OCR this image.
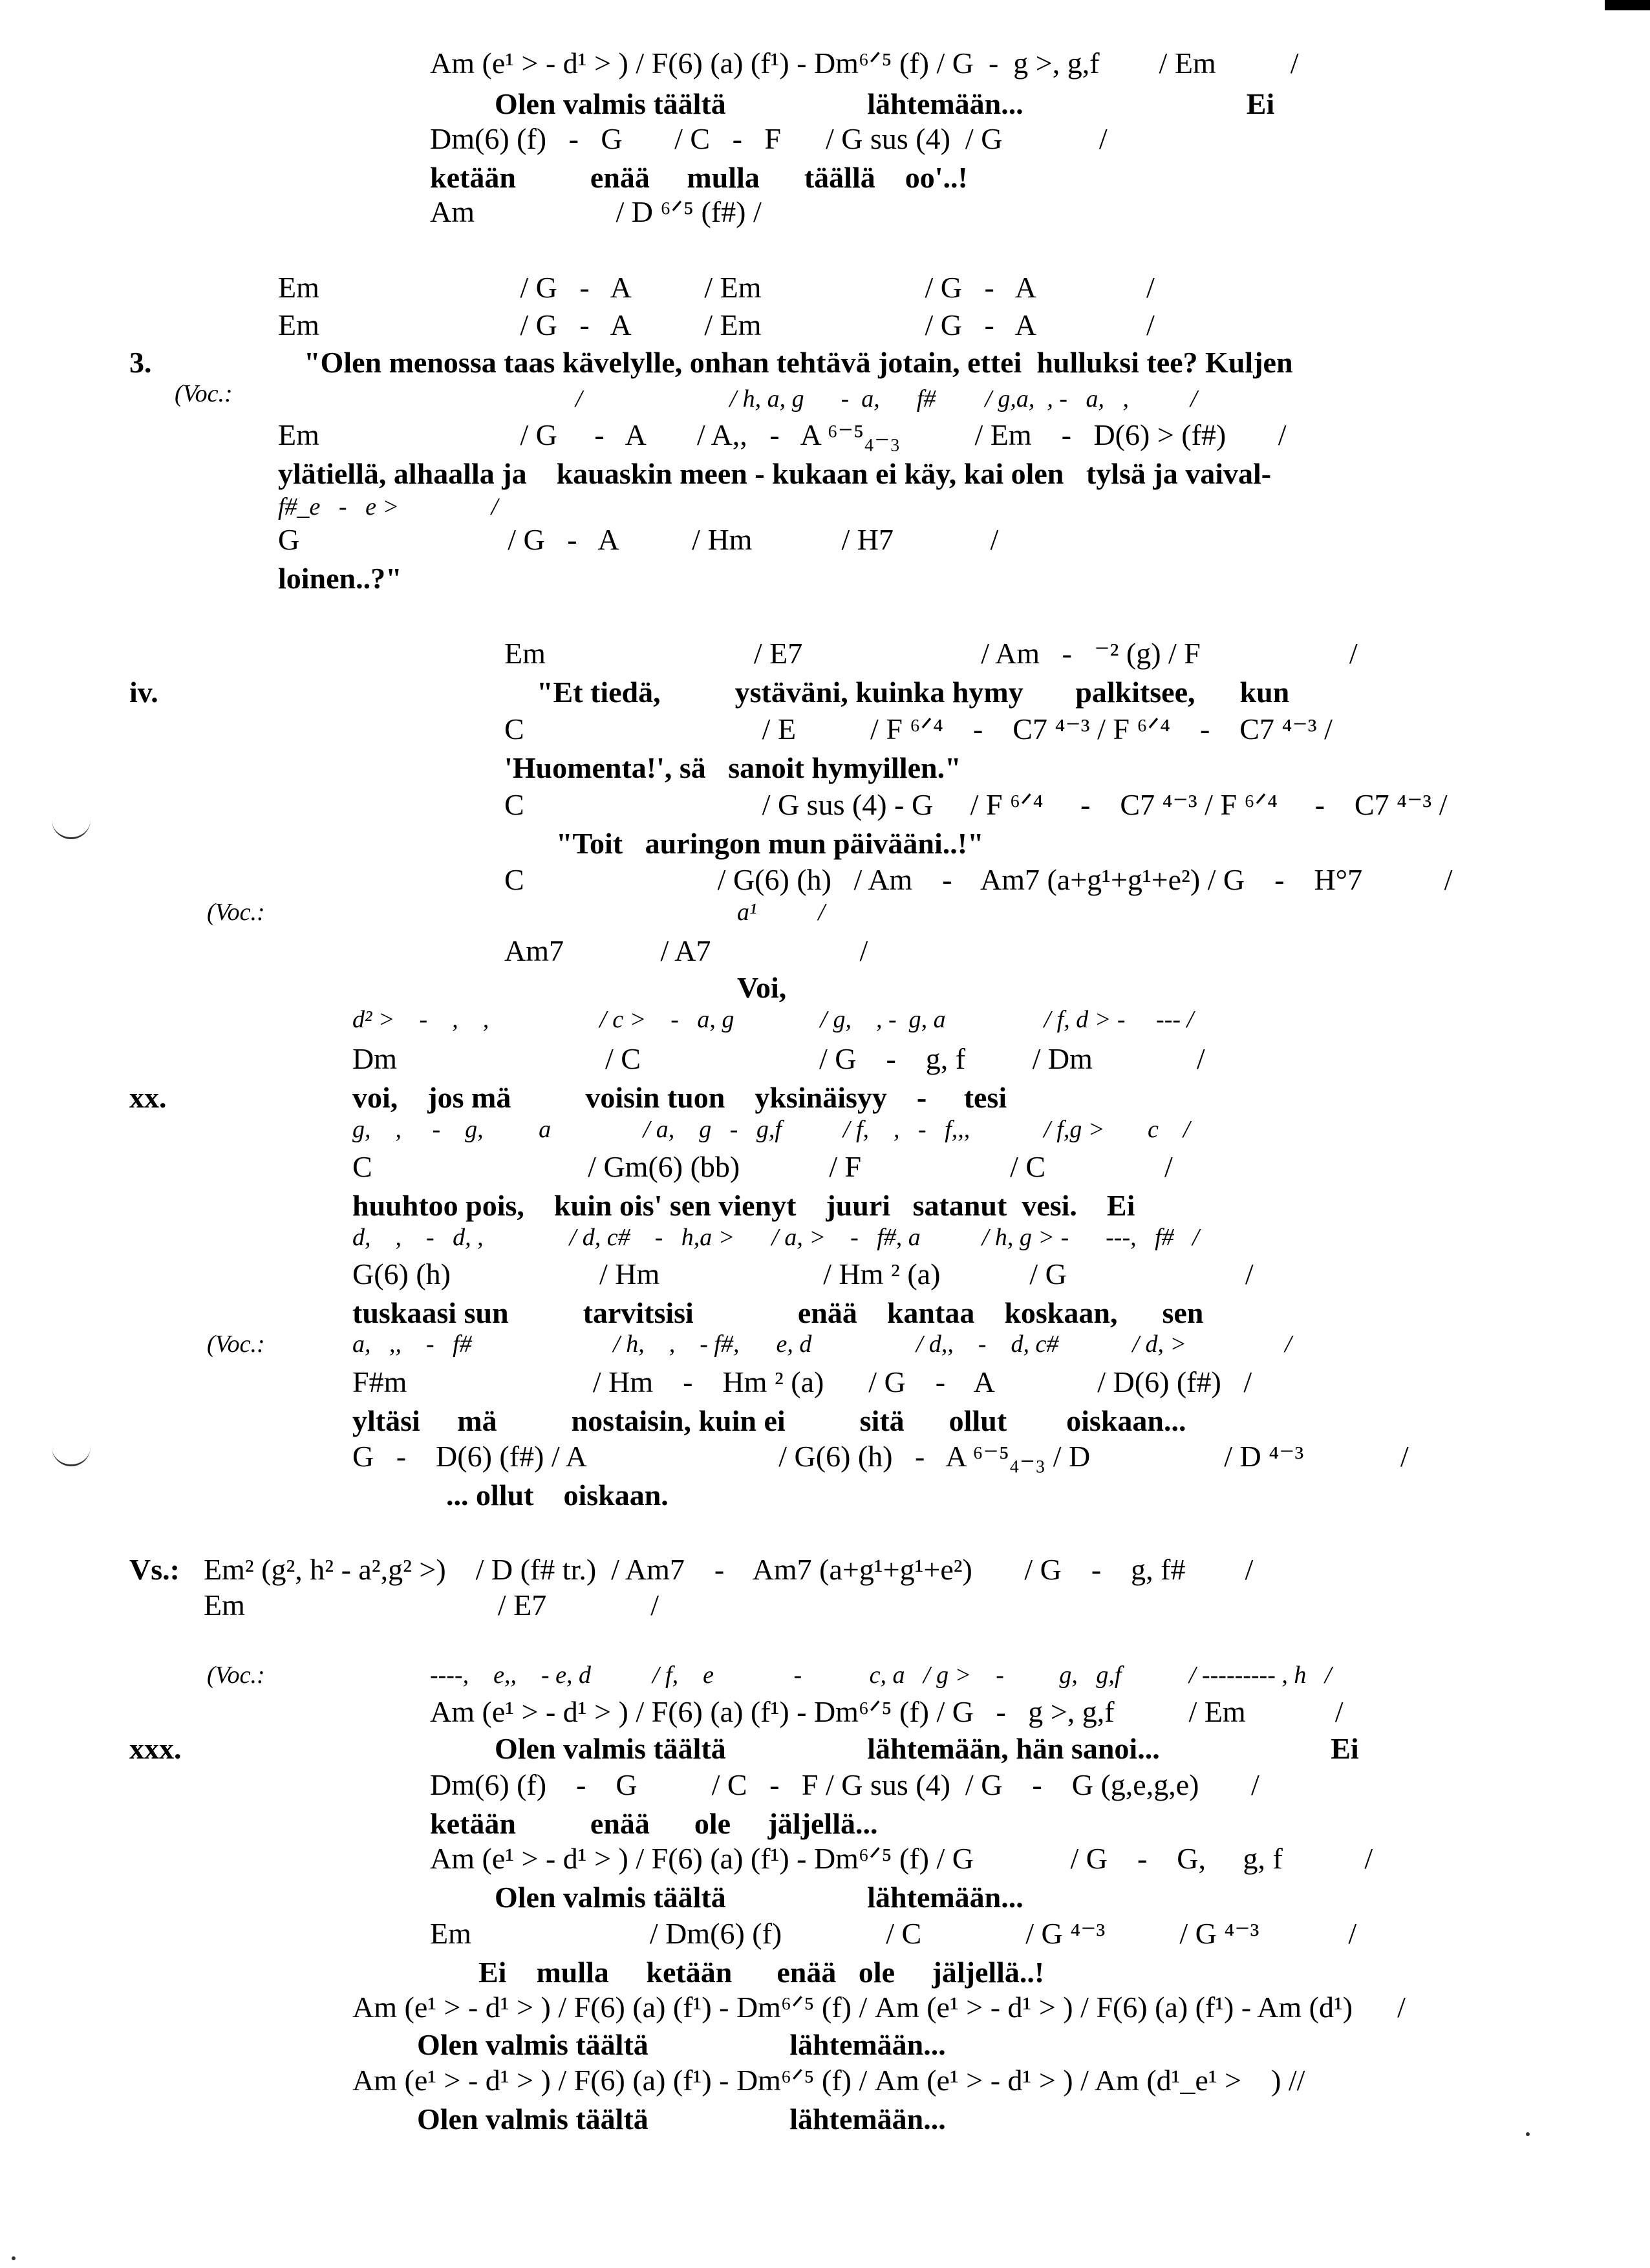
Am (e¹ > - d¹ > ) / F(6) (a) (f¹) - Dm⁶ᐟ⁵ (f) / G  -  g >, g,f        / Em          /
Olen valmis täältä                   lähtemään...                              Ei
Dm(6) (f)   -   G       / C   -   F      / G sus (4)  / G             /
ketään          enää     mulla      täällä    oo'..!
Am                   / D ⁶ᐟ⁵ (f#) /
Em                           / G   -   A          / Em                      / G   -   A               /
Em                           / G   -   A          / Em                      / G   -   A               /
3.	"Olen menossa taas kävelylle, onhan tehtävä jotain, ettei  hulluksi tee? Kuljen
(Voc.:	/                        / h, a, g      -  a,      f#        / g,a,  , -   a,   ,          /
Em                           / G     -   A       / A,,   -   A ⁶⁻⁵₄₋₃          / Em    -   D(6) > (f#)       /
ylätiellä, alhaalla ja    kauaskin meen - kukaan ei käy, kai olen   tylsä ja vaival-
f#_e   -   e >               /
G                            / G   -   A          / Hm            / H7             /
loinen..?"
Em                            / E7                        / Am   -   ⁻² (g) / F                    /
iv.	"Et tiedä,          ystäväni, kuinka hymy       palkitsee,      kun
C                                / E          / F ⁶ᐟ⁴    -    C7 ⁴⁻³ / F ⁶ᐟ⁴    -    C7 ⁴⁻³ /
'Huomenta!', sä   sanoit hymyillen."
C                                / G sus (4) - G     / F ⁶ᐟ⁴     -    C7 ⁴⁻³ / F ⁶ᐟ⁴     -    C7 ⁴⁻³ /
"Toit   auringon mun päivääni..!"
C                          / G(6) (h)   / Am    -    Am7 (a+g¹+g¹+e²) / G    -    H°7           /
(Voc.:	a¹          /
Am7             / A7                    /
Voi,
d² >    -    ,    ,                  / c >    -   a, g              / g,    , -  g, a                / f, d > -     --- /
Dm                            / C                        / G    -    g, f         / Dm              /
xx.	voi,    jos mä          voisin tuon    yksinäisyy    -     tesi
g,    ,     -    g,         a               / a,    g   -   g,f          / f,    ,   -   f,,,            / f,g >       c    /
C                             / Gm(6) (bb)            / F                    / C                /
huuhtoo pois,    kuin ois' sen vienyt    juuri   satanut  vesi.    Ei
d,    ,    -   d, ,              / d, c#    -   h,a >      / a, >    -   f#, a          / h, g > -      ---,   f#   /
G(6) (h)                    / Hm                      / Hm ² (a)            / G                        /
tuskaasi sun          tarvitsisi              enää    kantaa    koskaan,      sen
(Voc.:	a,   ,,    -   f#                       / h,    ,    - f#,      e, d                 / d,,    -    d, c#            / d, >                /
F#m                         / Hm    -    Hm ² (a)      / G    -    A              / D(6) (f#)   /
yltäsi     mä          nostaisin, kuin ei          sitä      ollut        oiskaan...
G   -    D(6) (f#) / A                          / G(6) (h)   -   A ⁶⁻⁵₄₋₃ / D                  / D ⁴⁻³             /
... ollut    oiskaan.
Vs.: Em² (g², h² - a²,g² >)    / D (f# tr.)  / Am7    -    Am7 (a+g¹+g¹+e²)       / G    -    g, f#        /
Em                                  / E7              /
(Voc.:	----,    e,,    - e, d          / f,    e             -           c, a   / g >    -         g,   g,f           / --------- , h   /
Am (e¹ > - d¹ > ) / F(6) (a) (f¹) - Dm⁶ᐟ⁵ (f) / G   -   g >, g,f          / Em            /
xxx.	Olen valmis täältä                   lähtemään, hän sanoi...                       Ei
Dm(6) (f)    -    G          / C   -   F / G sus (4)  / G    -    G (g,e,g,e)       /
ketään          enää      ole     jäljellä...
Am (e¹ > - d¹ > ) / F(6) (a) (f¹) - Dm⁶ᐟ⁵ (f) / G             / G    -    G,     g, f           /
Olen valmis täältä                   lähtemään...
Em                        / Dm(6) (f)              / C              / G ⁴⁻³          / G ⁴⁻³            /
Ei    mulla     ketään      enää   ole     jäljellä..!
Am (e¹ > - d¹ > ) / F(6) (a) (f¹) - Dm⁶ᐟ⁵ (f) / Am (e¹ > - d¹ > ) / F(6) (a) (f¹) - Am (d¹)      /
Olen valmis täältä                   lähtemään...
Am (e¹ > - d¹ > ) / F(6) (a) (f¹) - Dm⁶ᐟ⁵ (f) / Am (e¹ > - d¹ > ) / Am (d¹_e¹ >    ) //
Olen valmis täältä                   lähtemään...
